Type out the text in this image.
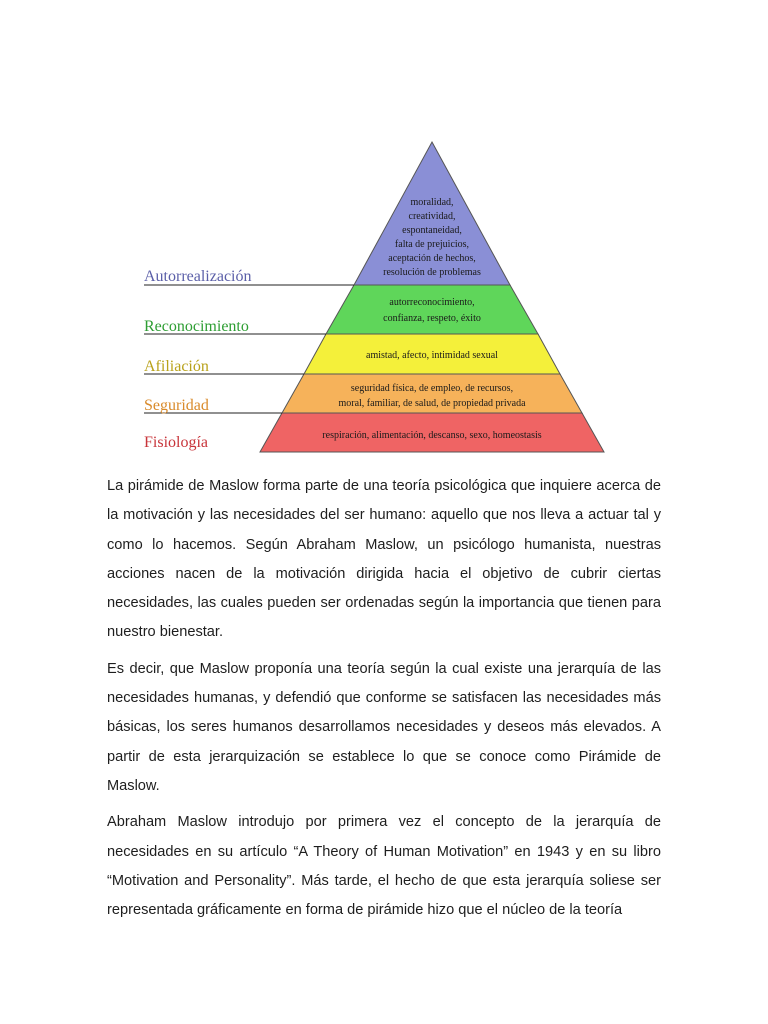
Autorrealización
Reconocimiento
Afiliación
Seguridad
Fisiología
moralidad,
creatividad,
espontaneidad,
falta de prejuicios,
aceptación de hechos,
resolución de problemas
autorreconocimiento,
confianza, respeto, éxito
amistad, afecto, intimidad sexual
seguridad física, de empleo, de recursos,
moral, familiar, de salud, de propiedad privada
respiración, alimentación, descanso, sexo, homeostasis

La pirámide de Maslow forma parte de una teoría psicológica que inquiere acerca de la motivación y las necesidades del ser humano: aquello que nos lleva a actuar tal y como lo hacemos. Según Abraham Maslow, un psicólogo humanista, nuestras acciones nacen de la motivación dirigida hacia el objetivo de cubrir ciertas necesidades, las cuales pueden ser ordenadas según la importancia que tienen para nuestro bienestar.

Es decir, que Maslow proponía una teoría según la cual existe una jerarquía de las necesidades humanas, y defendió que conforme se satisfacen las necesidades más básicas, los seres humanos desarrollamos necesidades y deseos más elevados. A partir de esta jerarquización se establece lo que se conoce como Pirámide de Maslow.

Abraham Maslow introdujo por primera vez el concepto de la jerarquía de necesidades en su artículo “A Theory of Human Motivation” en 1943 y en su libro “Motivation and Personality”. Más tarde, el hecho de que esta jerarquía soliese ser representada gráficamente en forma de pirámide hizo que el núcleo de la teoría
